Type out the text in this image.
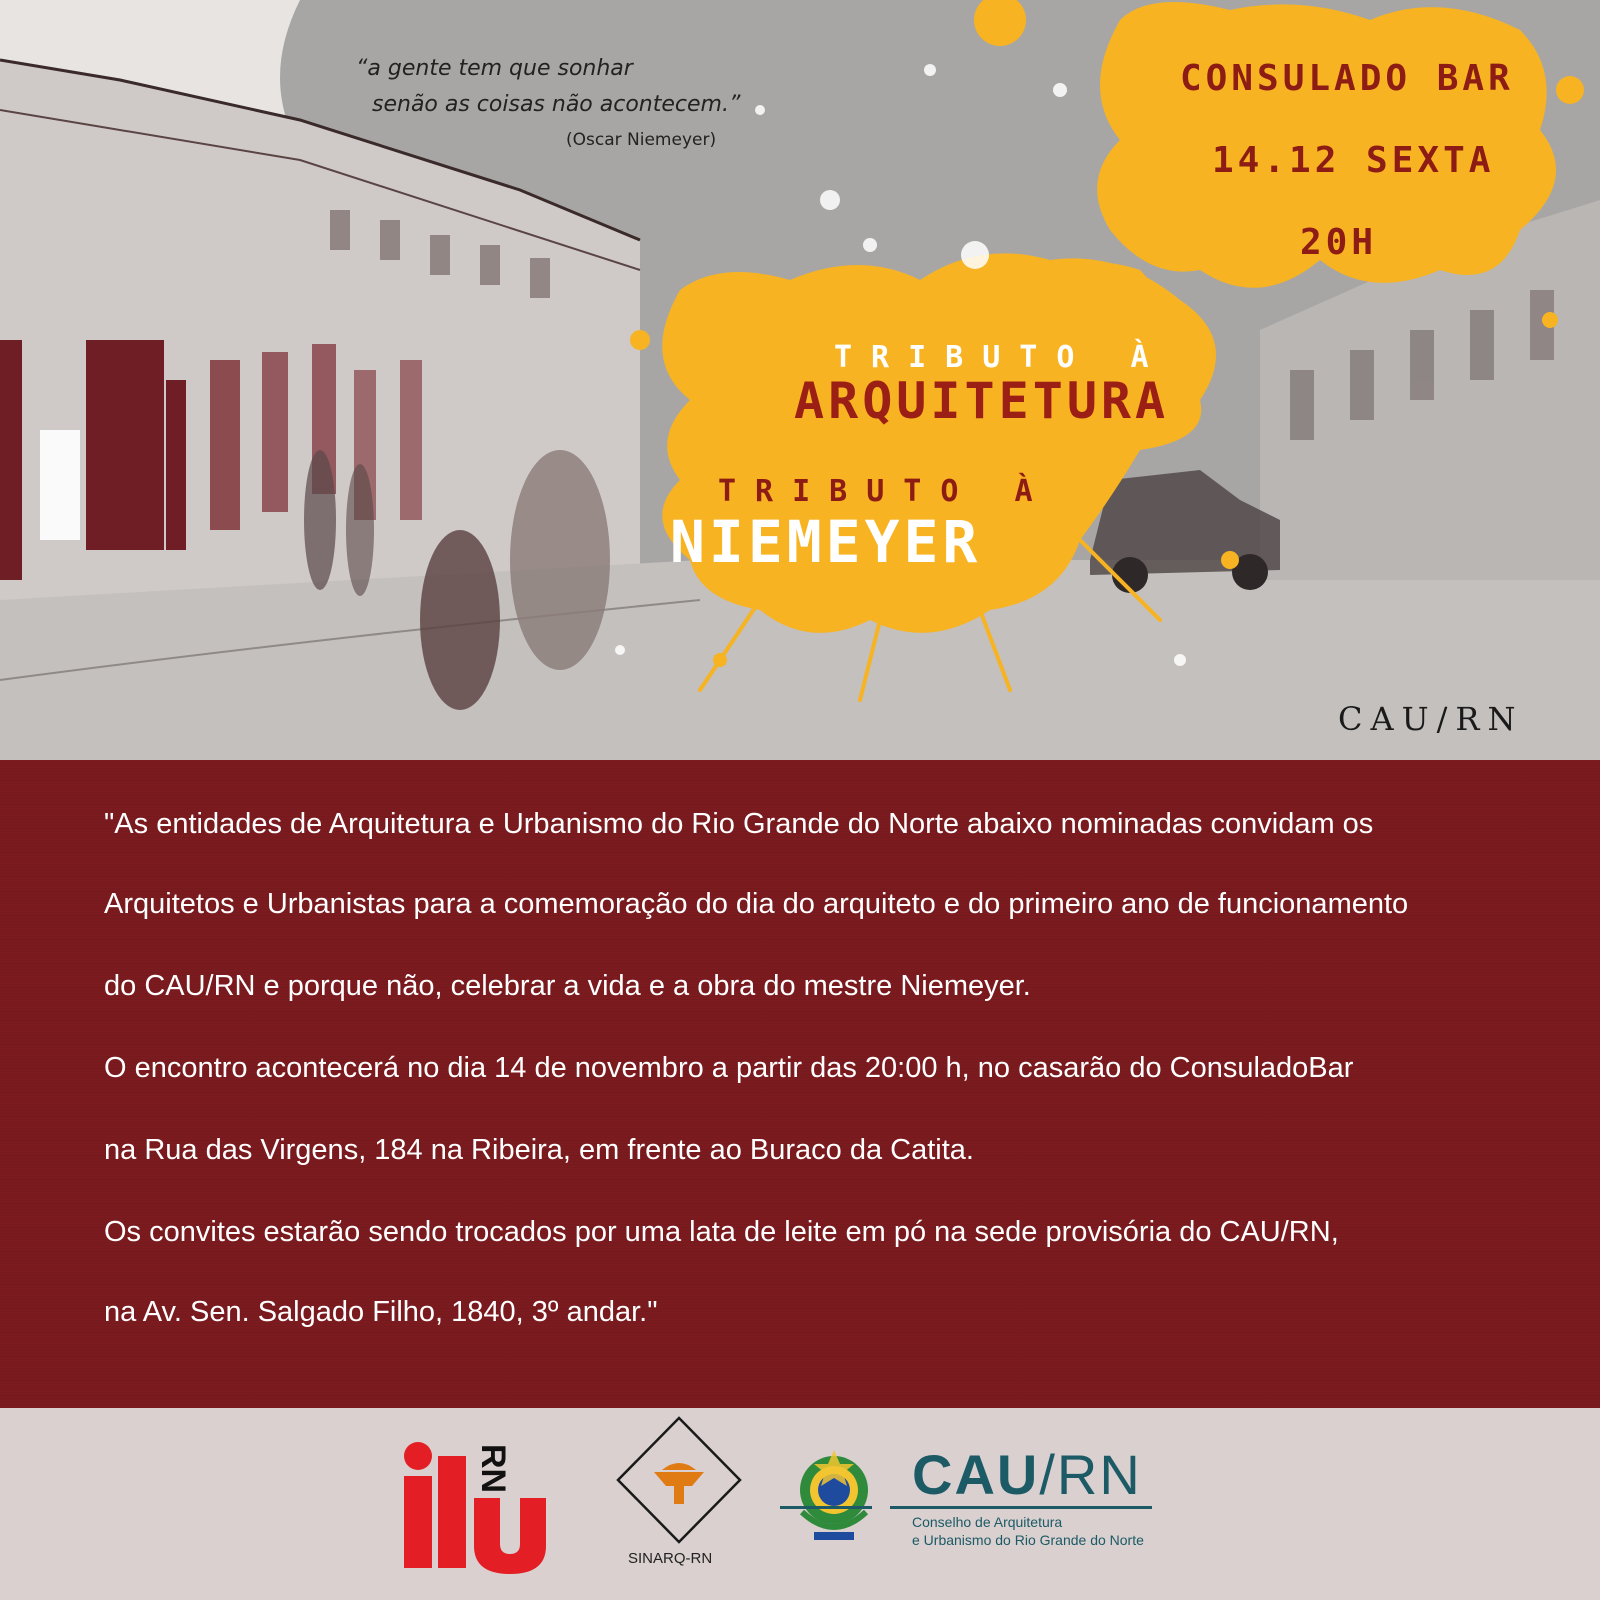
“a gente tem que sonhar
senão as coisas não acontecem.”
(Oscar Niemeyer)
CONSULADO BAR
14.12 SEXTA
20H
TRIBUTO À
ARQUITETURA
TRIBUTO À
NIEMEYER
CAU/RN
"As entidades de Arquitetura e Urbanismo do Rio Grande do Norte abaixo nominadas convidam os
Arquitetos e Urbanistas para a comemoração do dia do arquiteto e do primeiro ano de funcionamento
do CAU/RN e porque não, celebrar a vida e a obra do mestre Niemeyer.
O encontro acontecerá no dia 14 de novembro a partir das 20:00 h, no casarão do ConsuladoBar
na Rua das Virgens, 184 na Ribeira, em frente ao Buraco da Catita.
Os convites estarão sendo trocados por uma lata de leite em pó na sede provisória do CAU/RN,
na Av. Sen. Salgado Filho, 1840, 3º andar."
RN
SINARQ-RN
CAU/RN
Conselho de Arquitetura
e Urbanismo do Rio Grande do Norte
